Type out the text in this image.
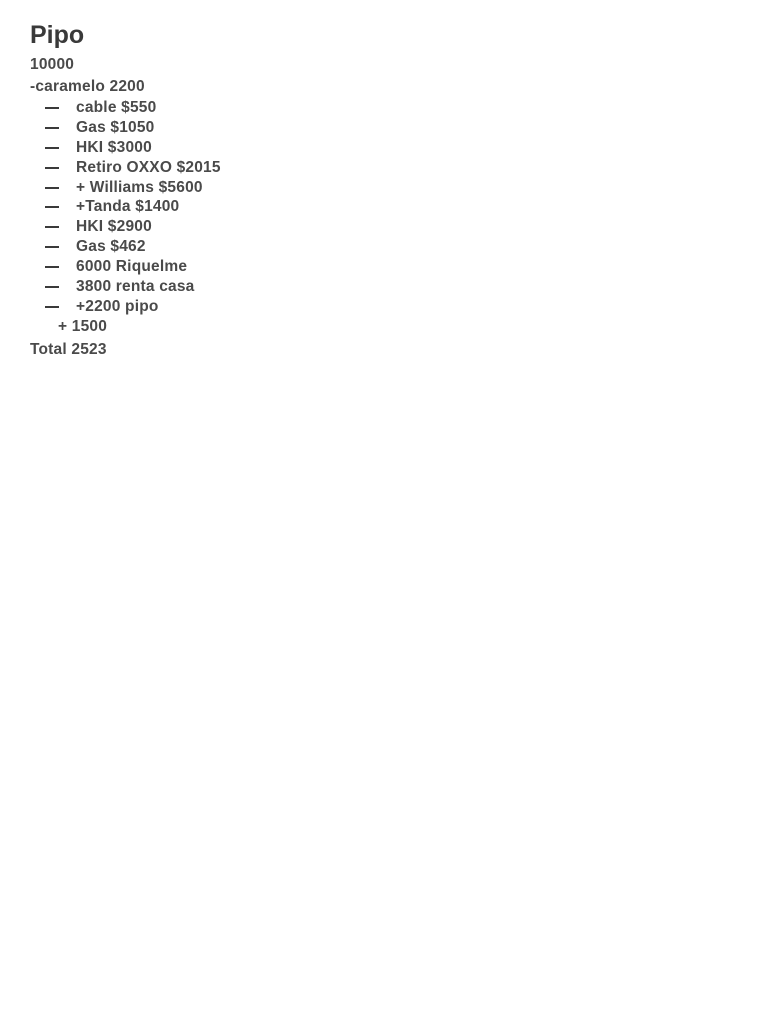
Pipo
10000
-caramelo 2200
cable $550
Gas $1050
HKI $3000
Retiro OXXO $2015
+ Williams $5600
+Tanda $1400
HKI $2900
Gas $462
6000 Riquelme
3800 renta casa
+2200 pipo
+ 1500
Total 2523
